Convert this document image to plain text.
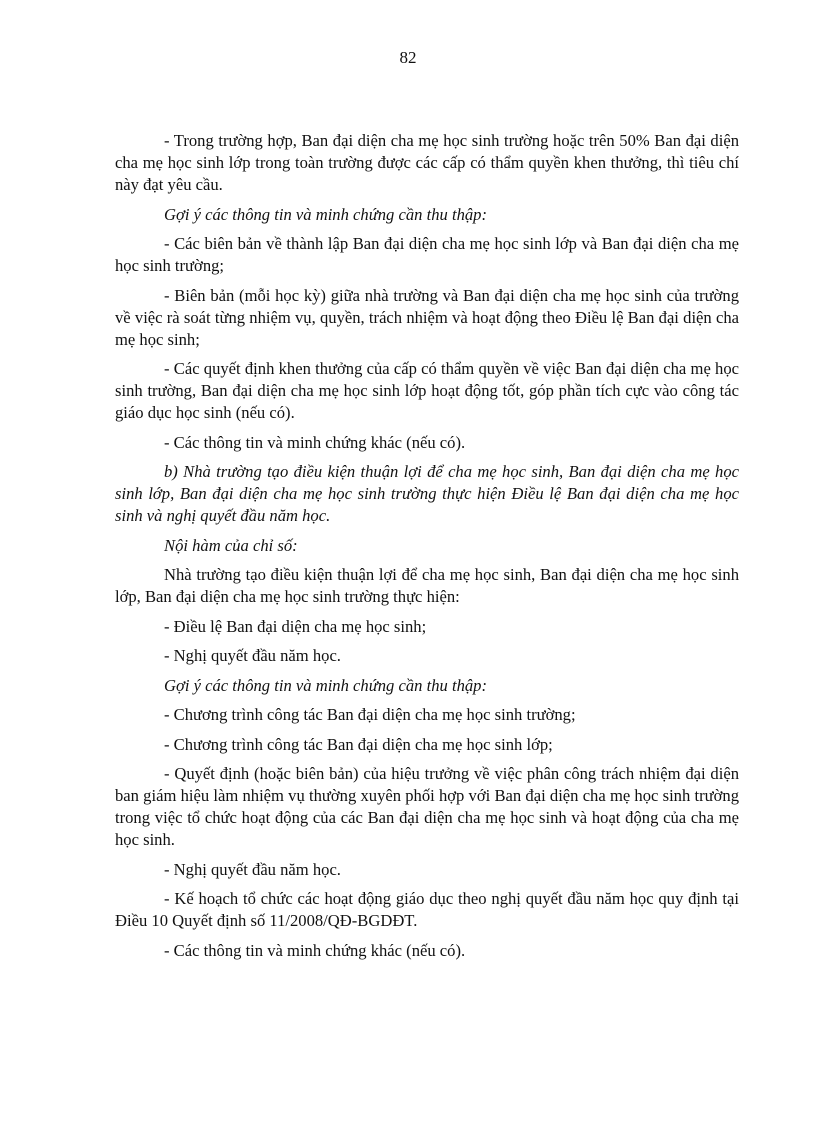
82

- Trong trường hợp, Ban đại diện cha mẹ học sinh trường hoặc trên 50% Ban đại diện cha mẹ học sinh lớp trong toàn trường được các cấp có thẩm quyền khen thưởng, thì tiêu chí này đạt yêu cầu.

Gợi ý các thông tin và minh chứng cần thu thập:

- Các biên bản về thành lập Ban đại diện cha mẹ học sinh lớp và Ban đại diện cha mẹ học sinh trường;

- Biên bản (mỗi học kỳ) giữa nhà trường và Ban đại diện cha mẹ học sinh của trường về việc rà soát từng nhiệm vụ, quyền, trách nhiệm và hoạt động theo Điều lệ Ban đại diện cha mẹ học sinh;

- Các quyết định khen thưởng của cấp có thẩm quyền về việc Ban đại diện cha mẹ học sinh trường, Ban đại diện cha mẹ học sinh lớp hoạt động tốt, góp phần tích cực vào công tác giáo dục học sinh (nếu có).

- Các thông tin và minh chứng khác (nếu có).

b) Nhà trường tạo điều kiện thuận lợi để cha mẹ học sinh, Ban đại diện cha mẹ học sinh lớp, Ban đại diện cha mẹ học sinh trường thực hiện Điều lệ Ban đại diện cha mẹ học sinh và nghị quyết đầu năm học.

Nội hàm của chỉ số:

Nhà trường tạo điều kiện thuận lợi để cha mẹ học sinh, Ban đại diện cha mẹ học sinh lớp, Ban đại diện cha mẹ học sinh trường thực hiện:

- Điều lệ Ban đại diện cha mẹ học sinh;

- Nghị quyết đầu năm học.

Gợi ý các thông tin và minh chứng cần thu thập:

- Chương trình công tác Ban đại diện cha mẹ học sinh trường;

- Chương trình công tác Ban đại diện cha mẹ học sinh lớp;

- Quyết định (hoặc biên bản) của hiệu trưởng về việc phân công trách nhiệm đại diện ban giám hiệu làm nhiệm vụ thường xuyên phối hợp với Ban đại diện cha mẹ học sinh trường trong việc tổ chức hoạt động của các Ban đại diện cha mẹ học sinh và hoạt động của cha mẹ học sinh.

- Nghị quyết đầu năm học.

- Kế hoạch tổ chức các hoạt động giáo dục theo nghị quyết đầu năm học quy định tại Điều 10 Quyết định số 11/2008/QĐ-BGDĐT.

- Các thông tin và minh chứng khác (nếu có).
